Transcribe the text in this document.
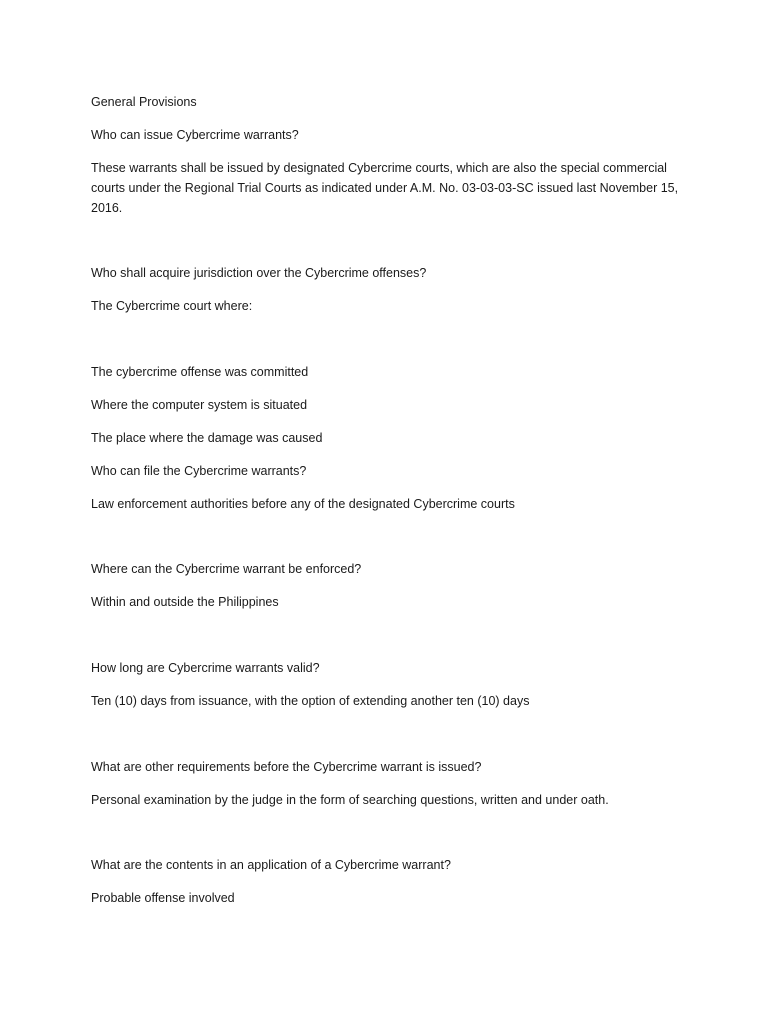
General Provisions

Who can issue Cybercrime warrants?

These warrants shall be issued by designated Cybercrime courts, which are also the special commercial courts under the Regional Trial Courts as indicated under A.M. No. 03-03-03-SC issued last November 15, 2016.

Who shall acquire jurisdiction over the Cybercrime offenses?

The Cybercrime court where:

The cybercrime offense was committed

Where the computer system is situated

The place where the damage was caused

Who can file the Cybercrime warrants?

Law enforcement authorities before any of the designated Cybercrime courts

Where can the Cybercrime warrant be enforced?

Within and outside the Philippines

How long are Cybercrime warrants valid?

Ten (10) days from issuance, with the option of extending another ten (10) days

What are other requirements before the Cybercrime warrant is issued?

Personal examination by the judge in the form of searching questions, written and under oath.

What are the contents in an application of a Cybercrime warrant?

Probable offense involved
